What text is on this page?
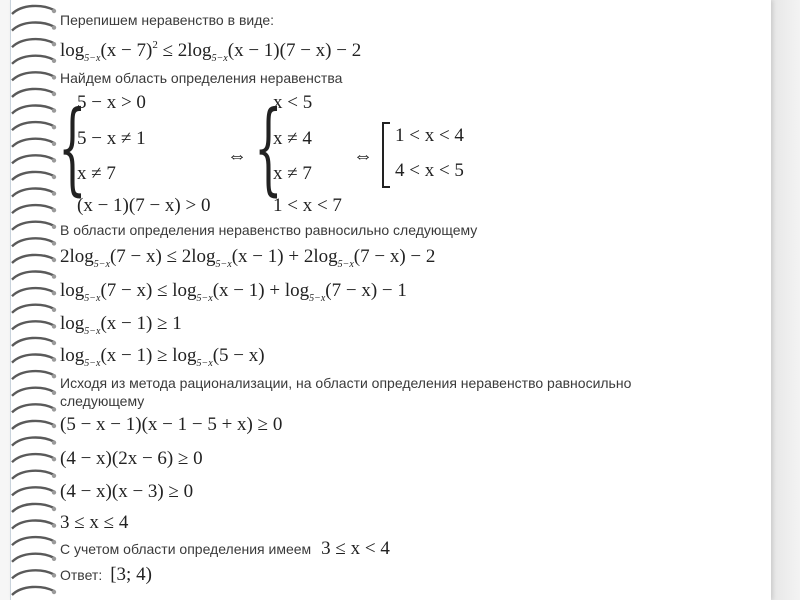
Перепишем неравенство в виде:
$\log_{5-x}(x - 7)^2 \le 2\log_{5-x}(x - 1)(7 - x) - 2$
Найдем область определения неравенства
{
5 − x > 0
5 − x ≠ 1
x ≠ 7
(x − 1)(7 − x) > 0
⇔ {
x < 5
x ≠ 4
x ≠ 7
1 < x < 7
⇔
1 < x < 4
4 < x < 5
В области определения неравенство равносильно следующему
$2\log_{5-x}(7 - x) \le 2\log_{5-x}(x - 1) + 2\log_{5-x}(7 - x) - 2$
$\log_{5-x}(7 - x) \le \log_{5-x}(x - 1) + \log_{5-x}(7 - x) - 1$
$\log_{5-x}(x - 1) \ge 1$
$\log_{5-x}(x - 1) \ge \log_{5-x}(5 - x)$
Исходя из метода рационализации, на области определения неравенство равносильно
следующему
(5 − x − 1)(x − 1 − 5 + x) ≥ 0
(4 − x)(2x − 6) ≥ 0
(4 − x)(x − 3) ≥ 0
3 ≤ x ≤ 4
С учетом области определения имеем 3 ≤ x < 4
Ответ: [3; 4)
